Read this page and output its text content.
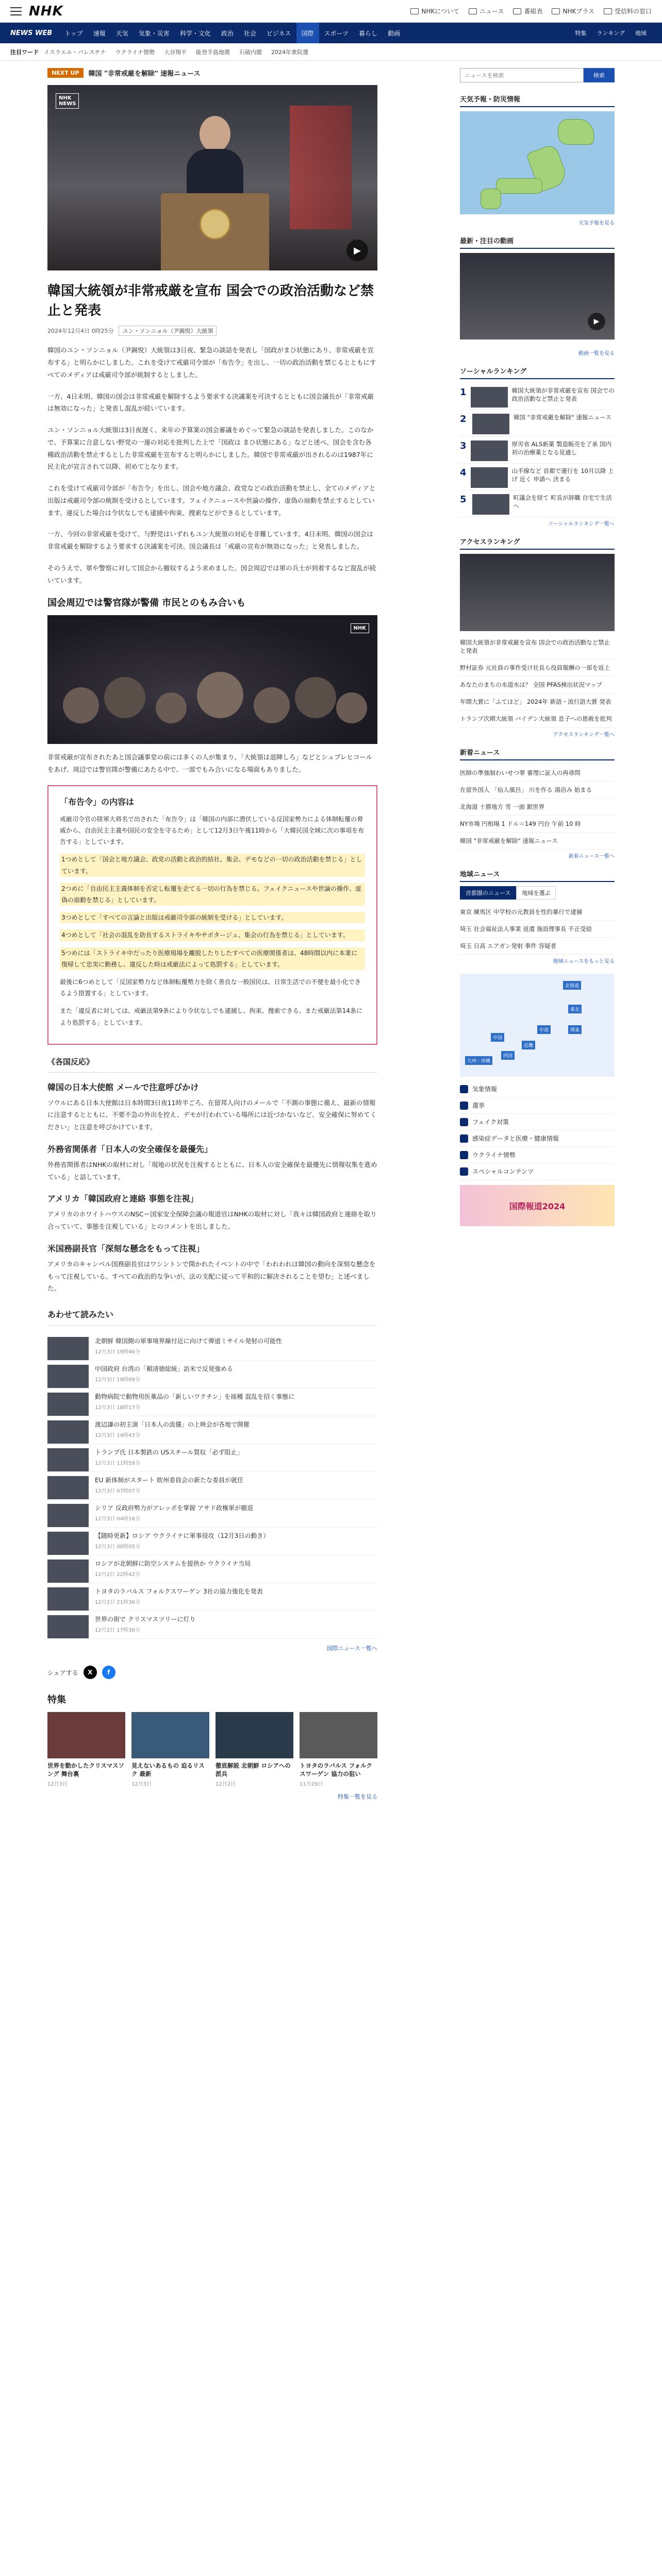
NHK	NHKについて	ニュース	番組表	NHKプラス	受信料の窓口
NEWS WEB	トップ	速報	天気	気象・災害	科学・文化	政治	社会	ビジネス	国際	スポーツ	暮らし	動画	特集	ランキング	地域
注目ワード イスラエル・パレスチナ ウクライナ情勢 大谷翔平 能登半島地震 石破内閣 2024年衆院選
NEXT UP	韓国 "非常戒厳を解除" 速報ニュース
NHK
NEWS
▶
韓国大統領が非常戒厳を宣布 国会での政治活動など禁止と発表
2024年12月4日 0時25分	ユン・ソンニョル（尹錫悦）大統領

韓国のユン・ソンニョル（尹錫悦）大統領は3日夜、緊急の談話を発表し「国政がまひ状態にあり、非常戒厳を宣布する」と明らかにしました。これを受けて戒厳司令部が「布告令」を出し、一切の政治活動を禁じるとともにすべてのメディアは戒厳司令部が統制するとしました。

一方、4日未明、韓国の国会は非常戒厳を解除するよう要求する決議案を可決するとともに国会議長が「非常戒厳は無効になった」と発表し混乱が続いています。

ユン・ソンニョル大統領は3日夜遅く、来年の予算案の国会審議をめぐって緊急の談話を発表しました。このなかで、予算案に合意しない野党の一連の対応を批判した上で「国政は まひ状態にある」などと述べ、国会を含む各種政治活動を禁止するとした非常戒厳を宣布すると明らかにしました。韓国で非常戒厳が出されるのは1987年に民主化が宣言されて以降、初めてとなります。

これを受けて戒厳司令部が「布告令」を出し、国会や地方議会、政党などの政治活動を禁止し、全てのメディアと出版は戒厳司令部の統制を受けるとしています。フェイクニュースや世論の操作、虚偽の扇動を禁止するとしています。違反した場合は令状なしでも逮捕や拘束、捜索などができるとしています。

一方、今回の非常戒厳を受けて、与野党はいずれもユン大統領の対応を非難しています。4日未明、韓国の国会は非常戒厳を解除するよう要求する決議案を可決、国会議長は「戒厳の宣布が無効になった」と発表しました。

そのうえで、軍や警察に対して国会から撤収するよう求めました。国会周辺では軍の兵士が到着するなど混乱が続いています。

国会周辺では警官隊が警備 市民とのもみ合いも
NHK

非常戒厳が宣布されたあと国会議事堂の前には多くの人が集まり、「大統領は退陣しろ」などとシュプレヒコールをあげ、周辺では警官隊が警備にあたる中で、一部でもみ合いになる場面もありました。

「布告令」の内容は

戒厳司令官の陸軍大将名で出された「布告令」は「韓国の内部に潜伏している反国家勢力による体制転覆の脅威から、自由民主主義や国民の安全を守るため」として12月3日午後11時から「大韓民国全域に次の事項を布告する」としています。

1つめとして「国会と地方議会、政党の活動と政治的結社、集会、デモなどの一切の政治活動を禁じる」としています。

2つめに「自由民主主義体制を否定し転覆を企てる一切の行為を禁じる。フェイクニュースや世論の操作、虚偽の扇動を禁じる」としています。

3つめとして「すべての言論と出版は戒厳司令部の統制を受ける」としています。

4つめとして「社会の混乱を助長するストライキやサボタージュ、集会の行為を禁じる」としています。

5つめには「ストライキ中だったり医療現場を離脱したりしたすべての医療関係者は、48時間以内に本業に復帰して忠実に勤務し、違反した時は戒厳法によって処罰する」としています。

最後に6つめとして「反国家勢力など体制転覆勢力を除く善良な一般国民は、日常生活での不便を最小化できるよう措置する」としています。

また「違反者に対しては、戒厳法第9条により令状なしでも逮捕し、拘束、捜索できる。また戒厳法第14条により処罰する」としています。

《各国反応》
韓国の日本大使館 メールで注意呼びかけ

ソウルにある日本大使館は日本時間3日夜11時半ごろ、在留邦人向けのメールで「不測の事態に備え、最新の情報に注意するとともに、不要不急の外出を控え、デモが行われている場所には近づかないなど、安全確保に努めてください」と注意を呼びかけています。

外務省関係者「日本人の安全確保を最優先」

外務省関係者はNHKの取材に対し「現地の状況を注視するとともに、日本人の安全確保を最優先に情報収集を進めている」と話しています。

アメリカ「韓国政府と連絡 事態を注視」

アメリカのホワイトハウスのNSC＝国家安全保障会議の報道官はNHKの取材に対し「我々は韓国政府と連絡を取り合っていて、事態を注視している」とのコメントを出しました。

米国務副長官「深刻な懸念をもって注視」

アメリカのキャンベル国務副長官はワシントンで開かれたイベントの中で「われわれは韓国の動向を深刻な懸念をもって注視している。すべての政治的な争いが、法の支配に従って平和的に解決されることを望む」と述べました。

あわせて読みたい
北朝鮮 韓国側の軍事境界線付近に向けて弾道ミサイル発射の可能性
12月3日 19時46分
中国政府 台湾の「頼清徳総統」訪米で反発強める
12月3日 19時09分
動物病院で動物用医薬品の「新しいワクチン」を接種 混乱を招く事態に
12月3日 18時17分
渡辺謙の初主演「日本人の流儀」の上映会が各地で開催
12月3日 14時43分
トランプ氏 日本製鉄の USスチール買収「必ず阻止」
12月3日 11時59分
EU 新体制がスタート 欧州委員会の新たな委員が就任
12月3日 07時07分
シリア 反政府勢力がアレッポを掌握 アサド政権軍が撤退
12月3日 04時16分
【随時更新】ロシア ウクライナに軍事侵攻（12月3日の動き）
12月3日 00時05分
ロシアが北朝鮮に防空システムを提供か ウクライナ当局
12月2日 22時42分
トヨタのラバルス フォルクスワーゲン 3社の協力強化を発表
12月2日 21時36分
世界の街で クリスマスツリーに灯り
12月2日 17時30分
国際ニュース一覧へ
シェアする	X	f
特集
世界を動かしたクリスマスソング 舞台裏
12月3日
見えないあるもの 迫るリスク 最新
12月3日
徹底解説 北朝鮮 ロシアへの派兵
12月2日
トヨタのラバルス フォルクスワーゲン 協力の狙い
11月29日
特集一覧を見る
ニュースを検索
検索
天気予報・防災情報
天気予報を見る
最新・注目の動画
▶
動画一覧を見る
ソーシャルランキング
1	韓国大統領が非常戒厳を宣布 国会での政治活動など禁止と発表
2	韓国 "非常戒厳を解除" 速報ニュース
3	厚労省 ALS新薬 製造販売を了承 国内初の治療薬となる見通し
4	山手線など 首都で運行を 10月以降 上げ 近く 申請へ 決まる
5	町議会を経て 町長が辞職 自宅で生活へ
ソーシャルランキング一覧へ
アクセスランキング
韓国大統領が非常戒厳を宣布 国会での政治活動など禁止と発表
野村証券 元社員の事件受け社長ら役員報酬の一部を返上
あなたのまちの水道水は？ 全国 PFAS検出状況マップ
年間大賞に「ふてほど」 2024年 新語・流行語大賞 発表
トランプ次期大統領 バイデン大統領 息子への恩赦を批判
アクセスランキング一覧へ
新着ニュース
医師の準強制わいせつ罪 審理に証人の再尋問
在留外国人 「仙人風呂」 川を作る 湯浴み 始まる
北海道 十勝地方 雪 一面 銀世界
NY市場 円相場 1 ドル＝149 円台 午前 10 時
韓国 "非常戒厳を解除" 速報ニュース
新着ニュース一覧へ
地域ニュース
首都圏のニュース	地域を選ぶ
東京 練馬区 中学校の元教員を性的暴行で逮捕
埼玉 社会福祉法人事業 返還 施設理事長 不正受給
埼玉 日高 エアガン発射 事件 容疑者
地域ニュースをもっと見る
北海道
東北
関東
中部
近畿
中国
四国
九州・沖縄
気象情報
選挙
フェイク対策
感染症データと医療・健康情報
ウクライナ情勢
スペシャルコンテンツ
国際報道2024
